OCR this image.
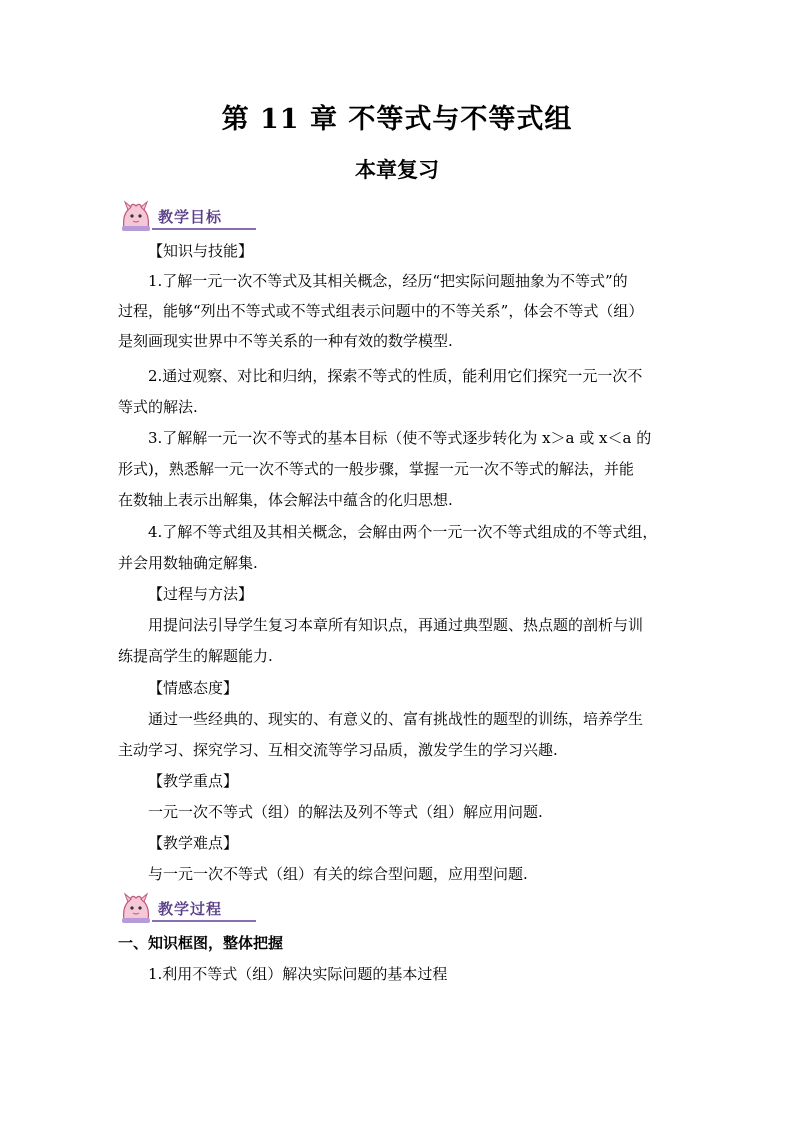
第 11 章 不等式与不等式组
本章复习
教学目标
【知识与技能】
1.了解一元一次不等式及其相关概念，经历“把实际问题抽象为不等式”的
过程，能够“列出不等式或不等式组表示问题中的不等关系”，体会不等式（组）
是刻画现实世界中不等关系的一种有效的数学模型.
2.通过观察、对比和归纳，探索不等式的性质，能利用它们探究一元一次不
等式的解法.
3.了解解一元一次不等式的基本目标（使不等式逐步转化为 x＞a 或 x＜a 的
形式)，熟悉解一元一次不等式的一般步骤，掌握一元一次不等式的解法，并能
在数轴上表示出解集，体会解法中蕴含的化归思想.
4.了解不等式组及其相关概念，会解由两个一元一次不等式组成的不等式组，
并会用数轴确定解集.
【过程与方法】
用提问法引导学生复习本章所有知识点，再通过典型题、热点题的剖析与训
练提高学生的解题能力.
【情感态度】
通过一些经典的、现实的、有意义的、富有挑战性的题型的训练，培养学生
主动学习、探究学习、互相交流等学习品质，激发学生的学习兴趣.
【教学重点】
一元一次不等式（组）的解法及列不等式（组）解应用问题.
【教学难点】
与一元一次不等式（组）有关的综合型问题，应用型问题.
教学过程
一、知识框图，整体把握
1.利用不等式（组）解决实际问题的基本过程
